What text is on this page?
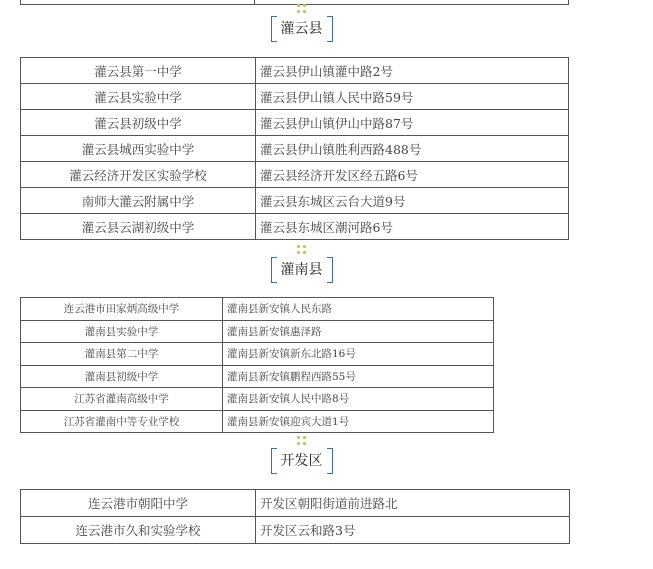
灌云县
灌云县第一中学	灌云县伊山镇灌中路2号
灌云县实验中学	灌云县伊山镇人民中路59号
灌云县初级中学	灌云县伊山镇伊山中路87号
灌云县城西实验中学	灌云县伊山镇胜利西路488号
灌云经济开发区实验学校	灌云县经济开发区经五路6号
南师大灌云附属中学	灌云县东城区云台大道9号
灌云县云湖初级中学	灌云县东城区潮河路6号
灌南县
连云港市田家炳高级中学	灌南县新安镇人民东路
灌南县实验中学	灌南县新安镇惠泽路
灌南县第二中学	灌南县新安镇新东北路16号
灌南县初级中学	灌南县新安镇鹏程西路55号
江苏省灌南高级中学	灌南县新安镇人民中路8号
江苏省灌南中等专业学校	灌南县新安镇迎宾大道1号
开发区
连云港市朝阳中学	开发区朝阳街道前进路北
连云港市久和实验学校	开发区云和路3号
